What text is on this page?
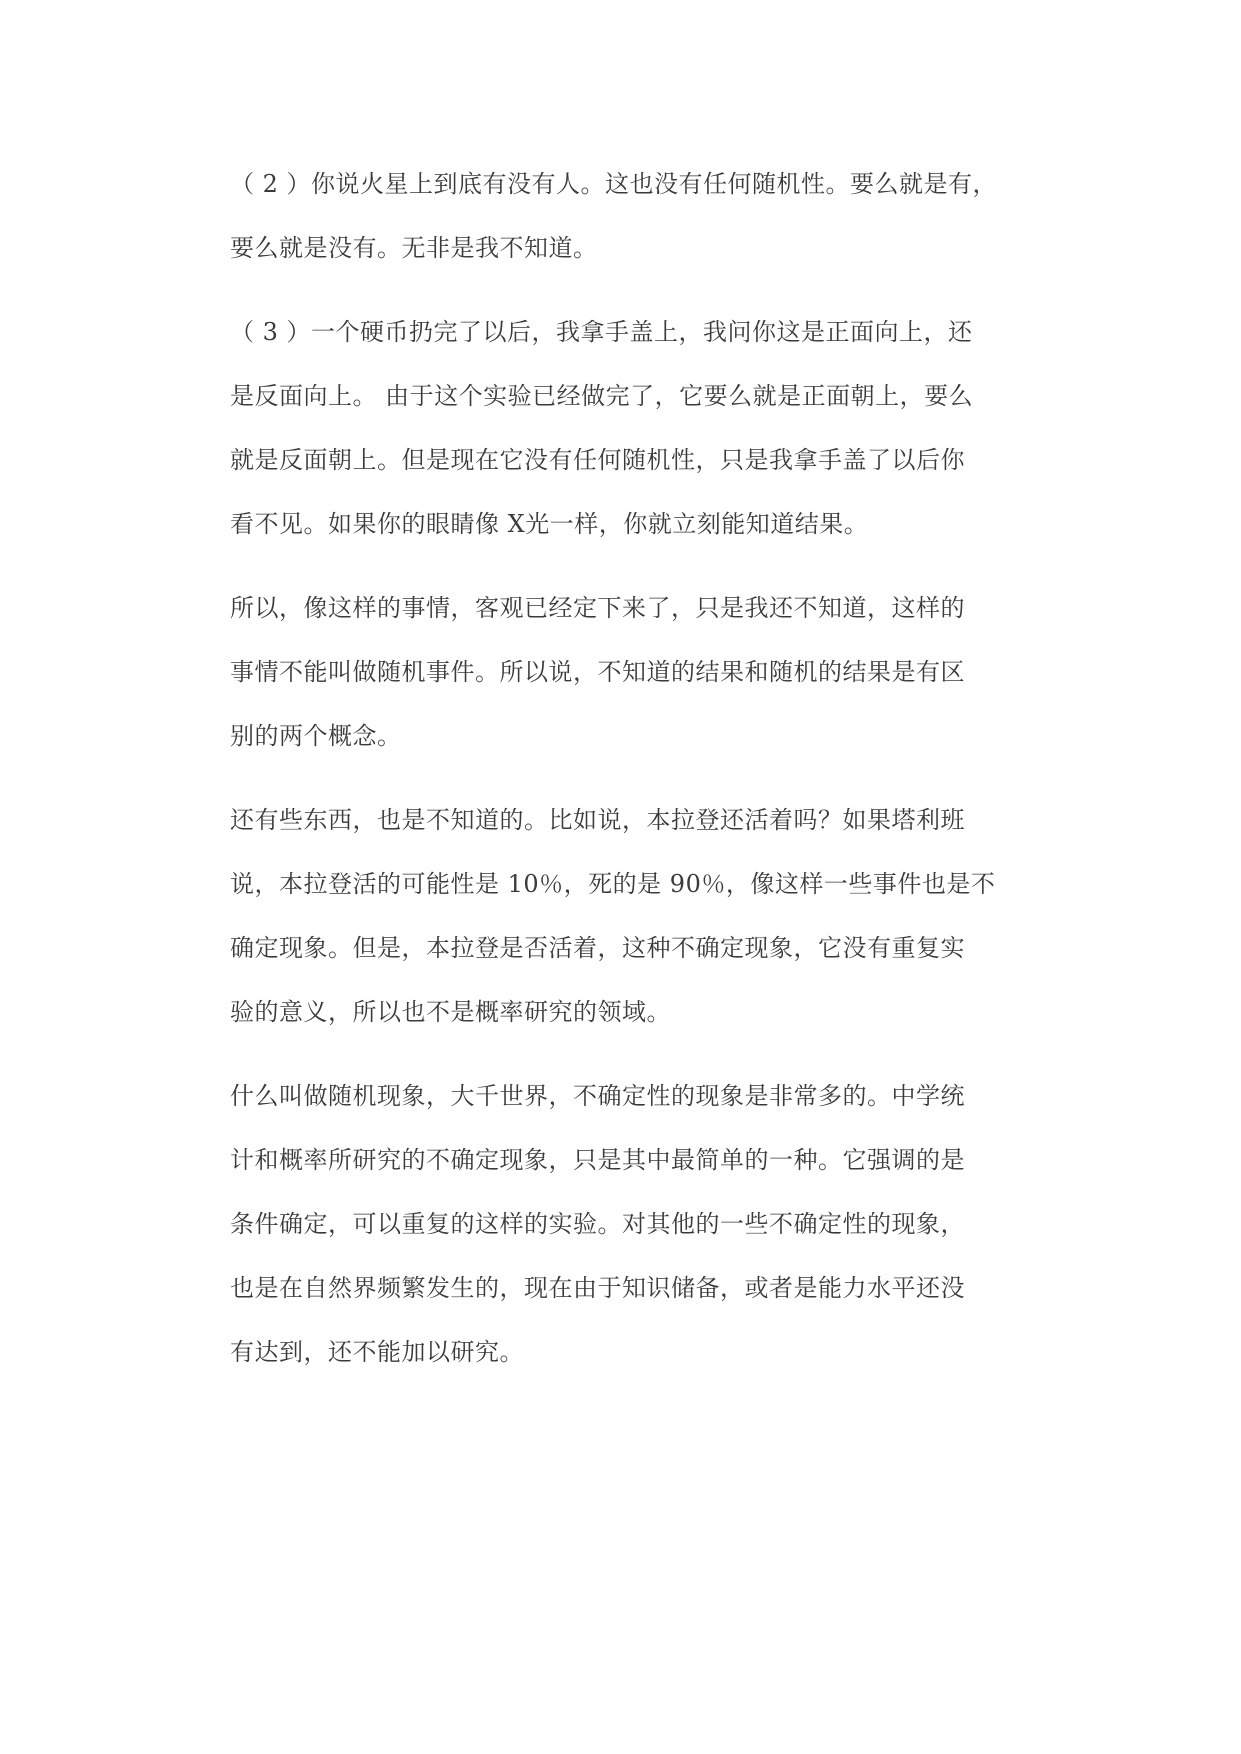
（ 2 ）你说火星上到底有没有人。这也没有任何随机性。要么就是有，
要么就是没有。无非是我不知道。
（ 3 ）一个硬币扔完了以后，我拿手盖上，我问你这是正面向上，还
是反面向上。 由于这个实验已经做完了，它要么就是正面朝上，要么
就是反面朝上。但是现在它没有任何随机性，只是我拿手盖了以后你
看不见。如果你的眼睛像 X光一样，你就立刻能知道结果。
所以，像这样的事情，客观已经定下来了，只是我还不知道，这样的
事情不能叫做随机事件。所以说，不知道的结果和随机的结果是有区
别的两个概念。
还有些东西，也是不知道的。比如说，本拉登还活着吗？如果塔利班
说，本拉登活的可能性是 10％，死的是 90％，像这样一些事件也是不
确定现象。但是，本拉登是否活着，这种不确定现象，它没有重复实
验的意义，所以也不是概率研究的领域。
什么叫做随机现象，大千世界，不确定性的现象是非常多的。中学统
计和概率所研究的不确定现象，只是其中最简单的一种。它强调的是
条件确定，可以重复的这样的实验。对其他的一些不确定性的现象，
也是在自然界频繁发生的，现在由于知识储备，或者是能力水平还没
有达到，还不能加以研究。
